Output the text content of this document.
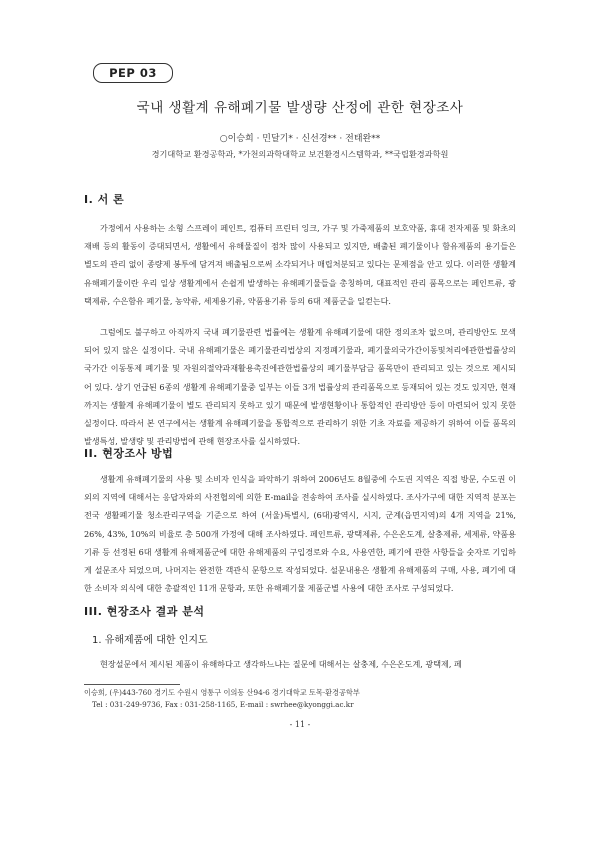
PEP 03
국내 생활계 유해폐기물 발생량 산정에 관한 현장조사
○이승희 · 민달기* · 신선경** · 전태완**
경기대학교 환경공학과, *가천의과학대학교 보건환경시스템학과, **국립환경과학원
I. 서 론

가정에서 사용하는 소형 스프레이 페인트, 컴퓨터 프린터 잉크, 가구 및 가죽제품의 보호약품, 휴대 전자제품 및 화초의 재배 등의 활동이 증대되면서, 생활에서 유해물질이 점차 많이 사용되고 있지만, 배출된 폐기물이나 함유제품의 용기들은 별도의 관리 없이 종량제 봉투에 담겨져 배출됨으로써 소각되거나 매립처분되고 있다는 문제점을 안고 있다. 이러한 생활계 유해폐기물이란 우리 일상 생활계에서 손쉽게 발생하는 유해폐기물들을 총칭하며, 대표적인 관리 품목으로는 페인트류, 광택제류, 수은함유 폐기물, 농약류, 세제용기류, 약품용기류 등의 6대 제품군을 일컫는다.

그럼에도 불구하고 아직까지 국내 폐기물관련 법률에는 생활계 유해폐기물에 대한 정의조차 없으며, 관리방안도 모색되어 있지 않은 실정이다. 국내 유해폐기물은 폐기물관리법상의 지정폐기물과, 폐기물의국가간이동및처리에관한법률상의 국가간 이동통제 폐기물 및 자원의절약과재활용촉진에관한법률상의 폐기물부담금 품목만이 관리되고 있는 것으로 제시되어 있다. 상기 언급된 6종의 생활계 유해폐기물중 일부는 이들 3개 법률상의 관리품목으로 등재되어 있는 것도 있지만, 현재까지는 생활계 유해폐기물이 별도 관리되지 못하고 있기 때문에 발생현황이나 통합적인 관리방안 등이 마련되어 있지 못한 실정이다. 따라서 본 연구에서는 생활계 유해폐기물을 통합적으로 관리하기 위한 기초 자료를 제공하기 위하여 이들 품목의 발생특성, 발생량 및 관리방법에 관해 현장조사를 실시하였다.

II. 현장조사 방법

생활계 유해폐기물의 사용 및 소비자 인식을 파악하기 위하여 2006년도 8월중에 수도권 지역은 직접 방문, 수도권 이외의 지역에 대해서는 응답자와의 사전협의에 의한 E-mail을 전송하여 조사를 실시하였다. 조사가구에 대한 지역적 분포는 전국 생활폐기물 청소관리구역을 기준으로 하여 (서울)특별시, (6대)광역시, 시지, 군계(읍면지역)의 4개 지역을 21%, 26%, 43%, 10%의 비율로 총 500개 가정에 대해 조사하였다. 페인트류, 광택제류, 수은온도계, 살충제류, 세제류, 약품용기류 등 선정된 6대 생활계 유해제품군에 대한 유해제품의 구입경로와 수요, 사용연한, 폐기에 관한 사항들을 숫자로 기입하게 설문조사 되었으며, 나머지는 완전한 객관식 문항으로 작성되었다. 설문내용은 생활계 유해제품의 구매, 사용, 폐기에 대한 소비자 의식에 대한 총괄적인 11개 문항과, 또한 유해폐기물 제품군별 사용에 대한 조사로 구성되었다.

III. 현장조사 결과 분석
1. 유해제품에 대한 인지도

현장설문에서 제시된 제품이 유해하다고 생각하느냐는 질문에 대해서는 살충제, 수은온도계, 광택제, 페

이승희, (우)443-760 경기도 수원시 영통구 이의동 산94-6 경기대학교 토목·환경공학부
Tel : 031-249-9736, Fax : 031-258-1165, E-mail : swrhee@kyonggi.ac.kr
- 11 -
